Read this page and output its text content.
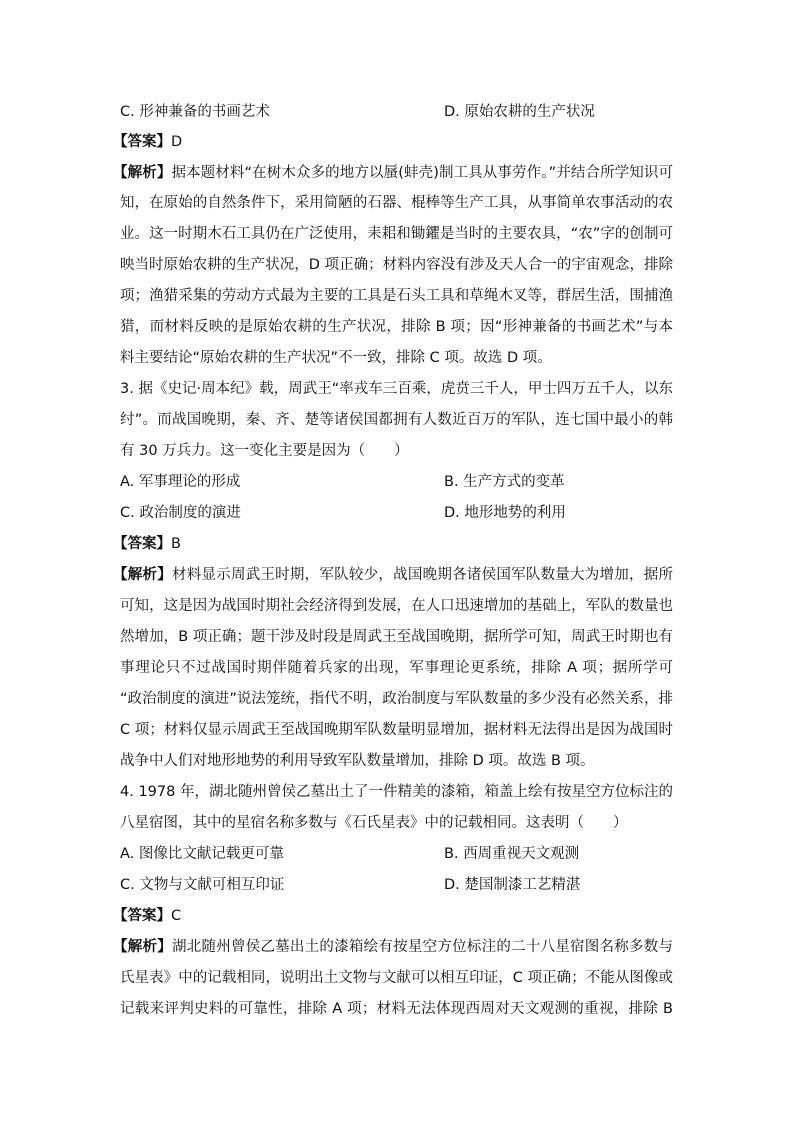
C. 形神兼备的书画艺术	D. 原始农耕的生产状况
【答案】D
【解析】据本题材料“在树木众多的地方以蜃(蚌壳)制工具从事劳作。”并结合所学知识可
知，在原始的自然条件下，采用简陋的石器、棍棒等生产工具，从事简单农事活动的农
业。这一时期木石工具仍在广泛使用，耒耜和锄鑺是当时的主要农具，“农”字的创制可
映当时原始农耕的生产状况，D 项正确；材料内容没有涉及天人合一的宇宙观念，排除
项；渔猎采集的劳动方式最为主要的工具是石头工具和草绳木叉等，群居生活，围捕渔
猎，而材料反映的是原始农耕的生产状况，排除 B 项；因“形神兼备的书画艺术”与本
料主要结论“原始农耕的生产状况”不一致，排除 C 项。故选 D 项。
3. 据《史记·周本纪》载，周武王“率戎车三百乘，虎贲三千人，甲士四万五千人，以东
纣”。而战国晚期，秦、齐、楚等诸侯国都拥有人数近百万的军队，连七国中最小的韩
有 30 万兵力。这一变化主要是因为（　　）
A. 军事理论的形成	B. 生产方式的变革
C. 政治制度的演进	D. 地形地势的利用
【答案】B
【解析】材料显示周武王时期，军队较少，战国晚期各诸侯国军队数量大为增加，据所
可知，这是因为战国时期社会经济得到发展，在人口迅速增加的基础上，军队的数量也
然增加，B 项正确；题干涉及时段是周武王至战国晚期，据所学可知，周武王时期也有
事理论只不过战国时期伴随着兵家的出现，军事理论更系统，排除 A 项；据所学可
“政治制度的演进”说法笼统，指代不明，政治制度与军队数量的多少没有必然关系，排
C 项；材料仅显示周武王至战国晚期军队数量明显增加，据材料无法得出是因为战国时
战争中人们对地形地势的利用导致军队数量增加，排除 D 项。故选 B 项。
4. 1978 年，湖北随州曾侯乙墓出土了一件精美的漆箱，箱盖上绘有按星空方位标注的
八星宿图，其中的星宿名称多数与《石氏星表》中的记载相同。这表明（　　）
A. 图像比文献记载更可靠	B. 西周重视天文观测
C. 文物与文献可相互印证	D. 楚国制漆工艺精湛
【答案】C
【解析】湖北随州曾侯乙墓出土的漆箱绘有按星空方位标注的二十八星宿图名称多数与
氏星表》中的记载相同，说明出土文物与文献可以相互印证，C 项正确；不能从图像或
记载来评判史料的可靠性，排除 A 项；材料无法体现西周对天文观测的重视，排除 B
